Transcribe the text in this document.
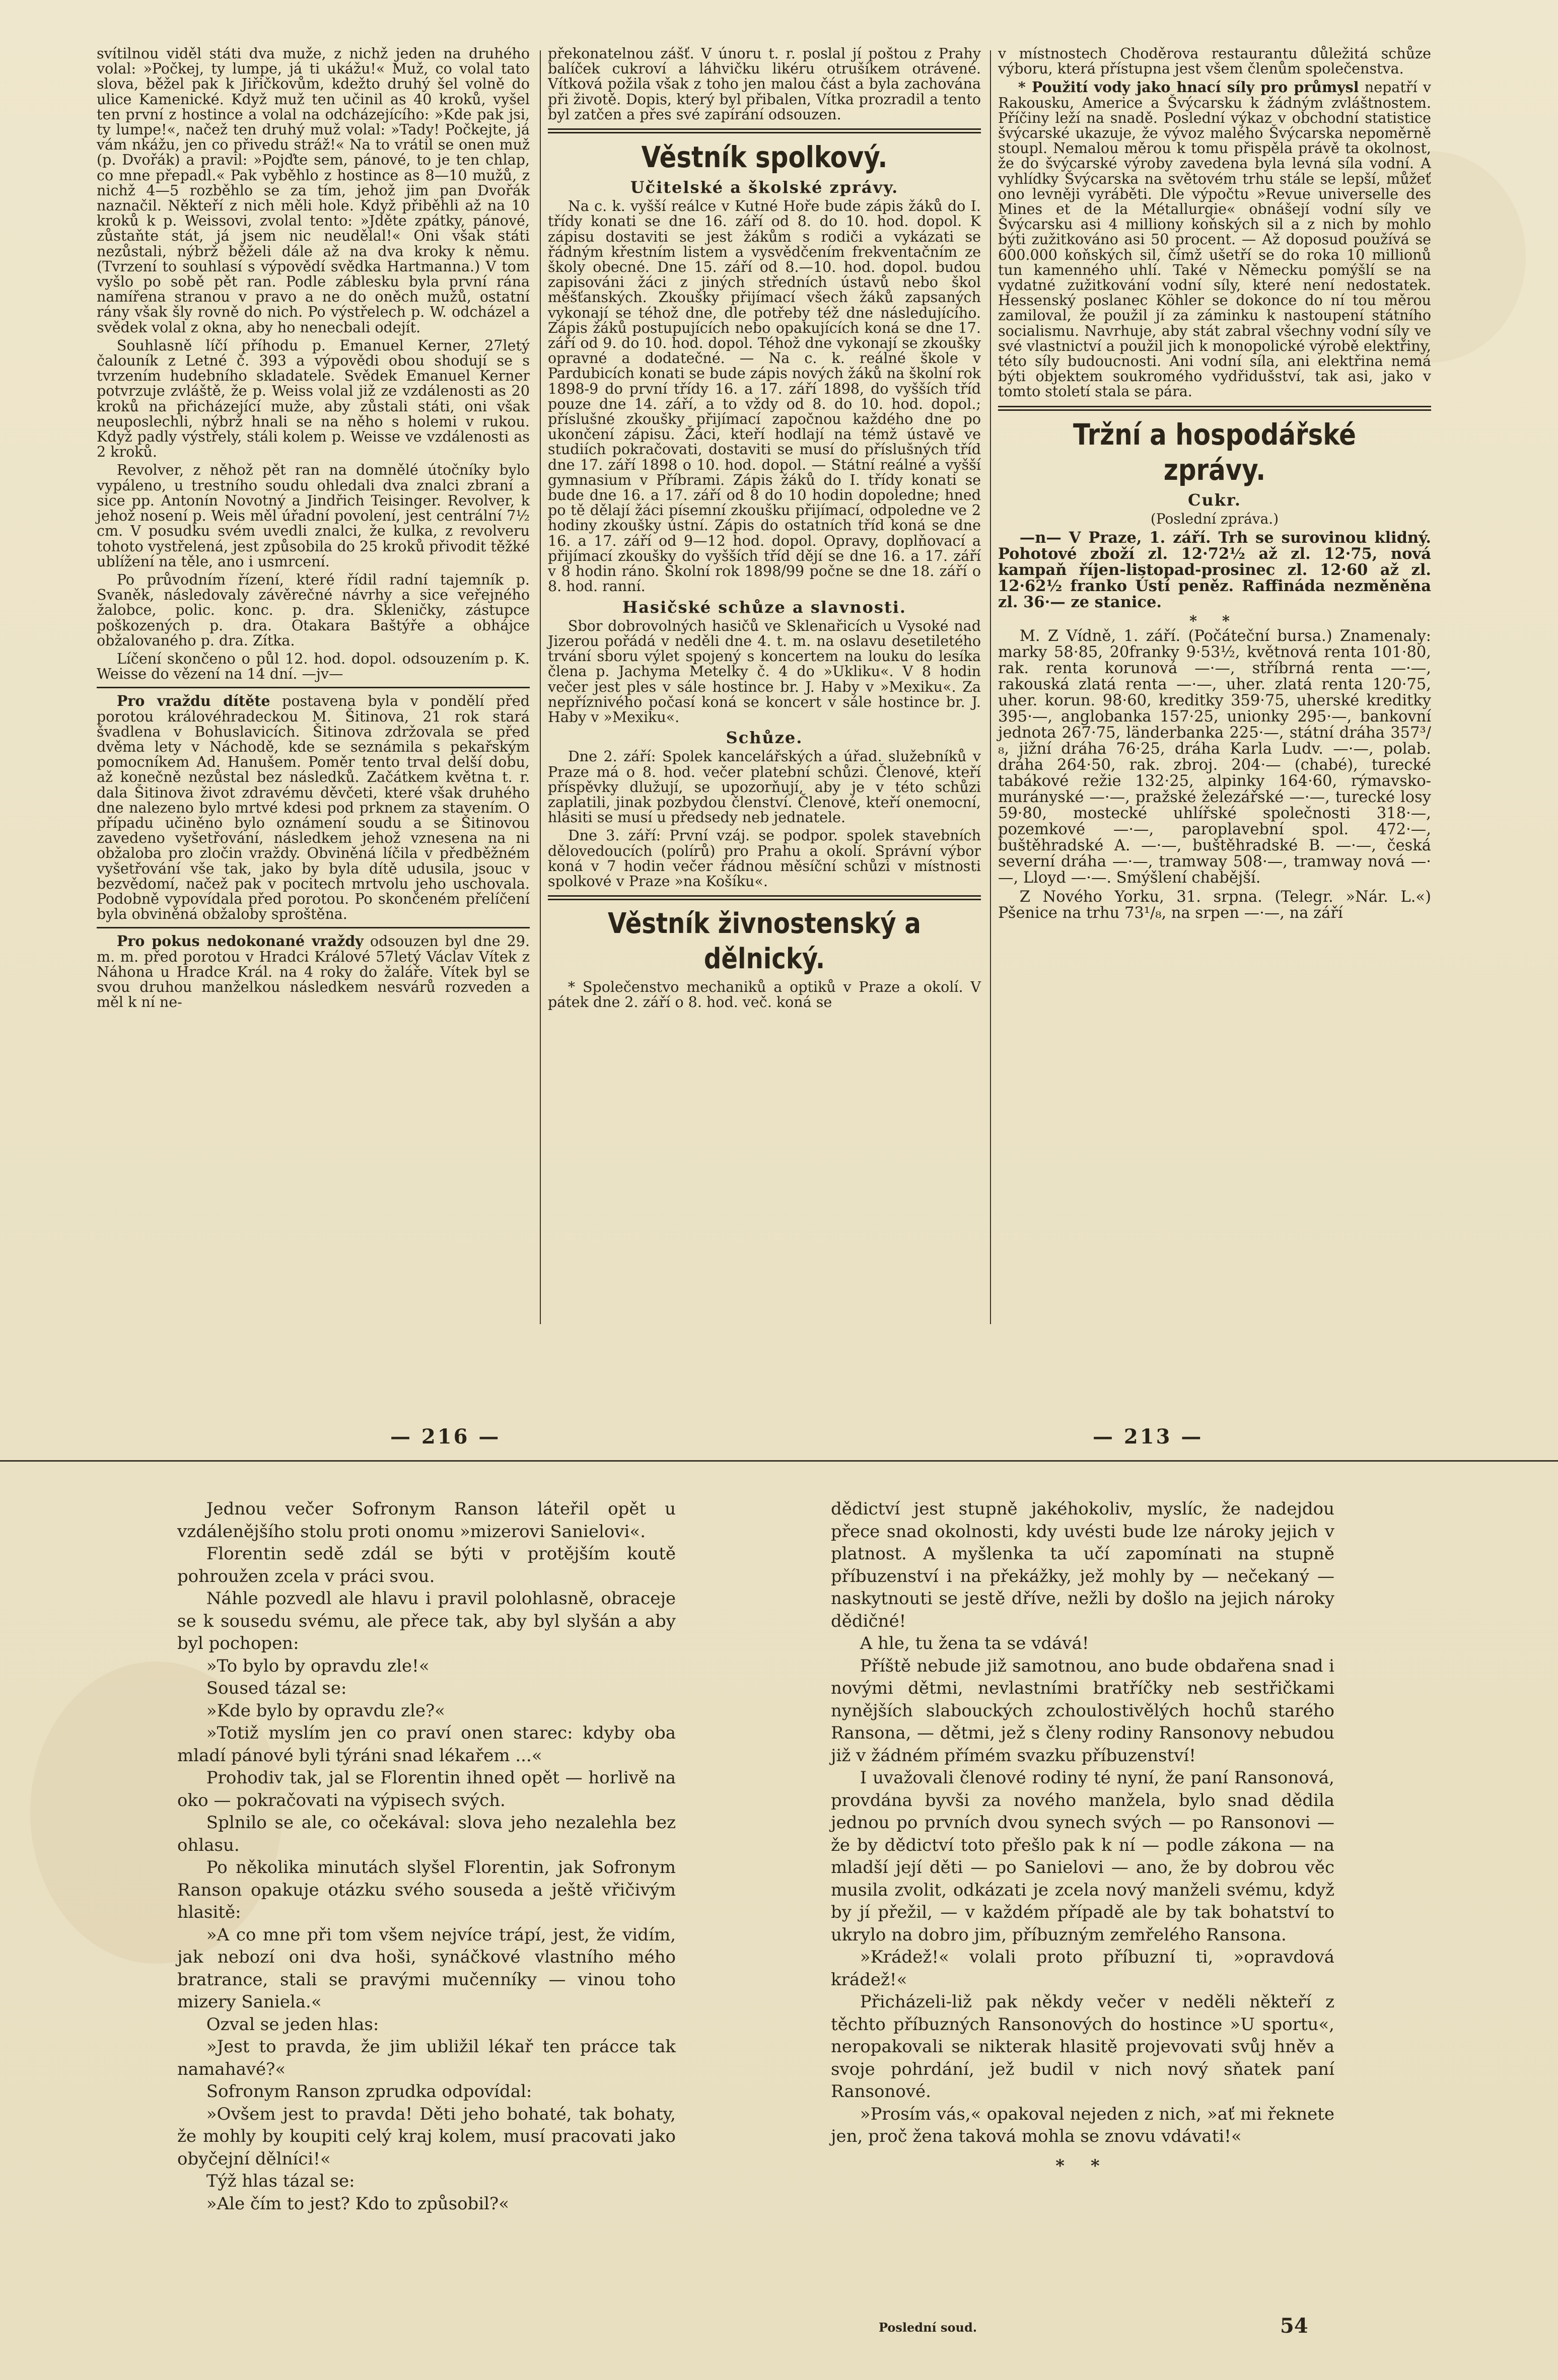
svítilnou viděl státi dva muže, z nichž jeden na druhého volal: »Počkej, ty lumpe, já ti ukážu!« Muž, co volal tato slova, běžel pak k Jiřičkovům, kdežto druhý šel volně do ulice Kamenické. Když muž ten učinil as 40 kroků, vyšel ten první z hostince a volal na odcházejícího: »Kde pak jsi, ty lumpe!«, načež ten druhý muž volal: »Tady! Počkejte, já vám nkážu, jen co přivedu stráž!« Na to vrátil se onen muž (p. Dvořák) a pravil: »Pojďte sem, pánové, to je ten chlap, co mne přepadl.« Pak vyběhlo z hostince as 8—10 mužů, z nichž 4—5 rozběhlo se za tím, jehož jim pan Dvořák naznačil. Někteří z nich měli hole. Když přiběhli až na 10 kroků k p. Weissovi, zvolal tento: »Jděte zpátky, pánové, zůstaňte stát, já jsem nic neudělal!« Oni však státi nezůstali, nýbrž běželi dále až na dva kroky k němu. (Tvrzení to souhlasí s výpovědí svědka Hartmanna.) V tom vyšlo po sobě pět ran. Podle záblesku byla první rána namířena stranou v pravo a ne do oněch mužů, ostatní rány však šly rovně do nich. Po výstřelech p. W. odcházel a svědek volal z okna, aby ho nenecbali odejít.

Souhlasně líčí příhodu p. Emanuel Kerner, 27letý čalouník z Letné č. 393 a výpovědi obou shodují se s tvrzením hudebního skladatele. Svědek Emanuel Kerner potvrzuje zvláště, že p. Weiss volal již ze vzdálenosti as 20 kroků na přicházející muže, aby zůstali státi, oni však neuposlechli, nýbrž hnali se na něho s holemi v rukou. Když padly výstřely, stáli kolem p. Weisse ve vzdálenosti as 2 kroků.

Revolver, z něhož pět ran na domnělé útočníky bylo vypáleno, u trestního soudu ohledali dva znalci zbraní a sice pp. Antonín Novotný a Jindřich Teisinger. Revolver, k jehož nosení p. Weis měl úřadní povolení, jest centrální 7½ cm. V posudku svém uvedli znalci, že kulka, z revolveru tohoto vystřelená, jest způsobila do 25 kroků přivodit těžké ublížení na těle, ano i usmrcení.

Po průvodním řízení, které řídil radní tajemník p. Svaněk, následovaly závěrečné návrhy a sice veřejného žalobce, polic. konc. p. dra. Skleničky, zástupce poškozených p. dra. Otakara Baštýře a obhájce obžalovaného p. dra. Zítka.

Líčení skončeno o půl 12. hod. dopol. odsouzením p. K. Weisse do vězení na 14 dní. —jv—

Pro vraždu dítěte postavena byla v pondělí před porotou královéhradeckou M. Šitinova, 21 rok stará švadlena v Bohuslavicích. Šitinova zdržovala se před dvěma lety v Náchodě, kde se seznámila s pekařským pomocníkem Ad. Hanušem. Poměr tento trval delší dobu, až konečně nezůstal bez následků. Začátkem května t. r. dala Šitinova život zdravému děvčeti, které však druhého dne nalezeno bylo mrtvé kdesi pod prknem za stavením. O případu učiněno bylo oznámení soudu a se Šitinovou zavedeno vyšetřování, následkem jehož vznesena na ni obžaloba pro zločin vraždy. Obviněná líčila v předběžném vyšetřování vše tak, jako by byla dítě udusila, jsouc v bezvědomí, načež pak v pocitech mrtvolu jeho uschovala. Podobně vypovídala před porotou. Po skončeném přelíčení byla obviněná obžaloby sproštěna.

Pro pokus nedokonané vraždy odsouzen byl dne 29. m. m. před porotou v Hradci Králové 57letý Václav Vítek z Náhona u Hradce Král. na 4 roky do žaláře. Vítek byl se svou druhou manželkou následkem nesvárů rozveden a měl k ní ne-

překonatelnou zášť. V únoru t. r. poslal jí poštou z Prahy balíček cukroví a láhvičku likéru otrušíkem otrávené. Vítková požila však z toho jen malou část a byla zachována při životě. Dopis, který byl přibalen, Vítka prozradil a tento byl zatčen a přes své zapírání odsouzen.

Věstník spolkový.
Učitelské a školské zprávy.

Na c. k. vyšší reálce v Kutné Hoře bude zápis žáků do I. třídy konati se dne 16. září od 8. do 10. hod. dopol. K zápisu dostaviti se jest žákům s rodiči a vykázati se řádným křestním listem a vysvědčením frekventačním ze školy obecné. Dne 15. září od 8.—10. hod. dopol. budou zapisováni žáci z jiných středních ústavů nebo škol měšťanských. Zkoušky přijímací všech žáků zapsaných vykonají se téhož dne, dle potřeby též dne následujícího. Zápis žáků postupujících nebo opakujících koná se dne 17. září od 9. do 10. hod. dopol. Téhož dne vykonají se zkoušky opravné a dodatečné. — Na c. k. reálné škole v Pardubicích konati se bude zápis nových žáků na školní rok 1898-9 do první třídy 16. a 17. září 1898, do vyšších tříd pouze dne 14. září, a to vždy od 8. do 10. hod. dopol.; příslušné zkoušky přijímací započnou každého dne po ukončení zápisu. Žáci, kteří hodlají na témž ústavě ve studiích pokračovati, dostaviti se musí do příslušných tříd dne 17. září 1898 o 10. hod. dopol. — Státní reálné a vyšší gymnasium v Příbrami. Zápis žáků do I. třídy konati se bude dne 16. a 17. září od 8 do 10 hodin dopoledne; hned po tě dělají žáci písemní zkoušku přijímací, odpoledne ve 2 hodiny zkoušky ústní. Zápis do ostatních tříd koná se dne 16. a 17. září od 9—12 hod. dopol. Opravy, doplňovací a přijímací zkoušky do vyšších tříd dějí se dne 16. a 17. září v 8 hodin ráno. Školní rok 1898/99 počne se dne 18. září o 8. hod. ranní.

Hasičské schůze a slavnosti.

Sbor dobrovolných hasičů ve Sklenařicích u Vysoké nad Jizerou pořádá v neděli dne 4. t. m. na oslavu desetiletého trvání sboru výlet spojený s koncertem na louku do lesíka člena p. Jachyma Metelky č. 4 do »Ukliku«. V 8 hodin večer jest ples v sále hostince br. J. Haby v »Mexiku«. Za nepříznivého počasí koná se koncert v sále hostince br. J. Haby v »Mexiku«.

Schůze.

Dne 2. září: Spolek kancelářských a úřad. služebníků v Praze má o 8. hod. večer platební schůzi. Členové, kteří příspěvky dlužují, se upozorňují, aby je v této schůzi zaplatili, jinak pozbydou členství. Členové, kteří onemocní, hlásiti se musí u předsedy neb jednatele.

Dne 3. září: První vzáj. se podpor. spolek stavebních dělovedoucích (polírů) pro Prahu a okolí. Správní výbor koná v 7 hodin večer řádnou měsíční schůzi v místnosti spolkové v Praze »na Košíku«.

Věstník živnostenský a dělnický.

* Společenstvo mechaniků a optiků v Praze a okolí. V pátek dne 2. září o 8. hod. več. koná se

v místnostech Choděrova restaurantu důležitá schůze výboru, která přístupna jest všem členům společenstva.

* Použití vody jako hnací síly pro průmysl nepatří v Rakousku, Americe a Švýcarsku k žádným zvláštnostem. Příčiny leží na snadě. Poslední výkaz v obchodní statistice švýcarské ukazuje, že vývoz malého Švýcarska nepoměrně stoupl. Nemalou měrou k tomu přispěla právě ta okolnost, že do švýcarské výroby zavedena byla levná síla vodní. A vyhlídky Švýcarska na světovém trhu stále se lepší, můžeť ono levněji vyráběti. Dle výpočtu »Revue universelle des Mines et de la Métallurgie« obnášejí vodní síly ve Švýcarsku asi 4 milliony koňských sil a z nich by mohlo býti zužitkováno asi 50 procent. — Až doposud používá se 600.000 koňských sil, čímž ušetří se do roka 10 millionů tun kamenného uhlí. Také v Německu pomýšlí se na vydatné zužitkování vodní síly, které není nedostatek. Hessenský poslanec Köhler se dokonce do ní tou měrou zamiloval, že použil jí za záminku k nastoupení státního socialismu. Navrhuje, aby stát zabral všechny vodní síly ve své vlastnictví a použil jich k monopolické výrobě elektřiny, této síly budoucnosti. Ani vodní síla, ani elektřina nemá býti objektem soukromého vydřidušství, tak asi, jako v tomto století stala se pára.

Tržní a hospodářské zprávy.
Cukr.
(Poslední zpráva.)

—n— V Praze, 1. září. Trh se surovinou klidný. Pohotové zboží zl. 12·72½ až zl. 12·75, nová kampaň říjen-listopad-prosinec zl. 12·60 až zl. 12·62½ franko Ústí peněz. Raffináda nezměněna zl. 36·— ze stanice.

* *

M. Z Vídně, 1. září. (Počáteční bursa.) Znamenaly: marky 58·85, 20franky 9·53½, květnová renta 101·80, rak. renta korunová —·—, stříbrná renta —·—, rakouská zlatá renta —·—, uher. zlatá renta 120·75, uher. korun. 98·60, kreditky 359·75, uherské kreditky 395·—, anglobanka 157·25, unionky 295·—, bankovní jednota 267·75, länderbanka 225·—, státní dráha 357³/₈, jižní dráha 76·25, dráha Karla Ludv. —·—, polab. dráha 264·50, rak. zbroj. 204·— (chabé), turecké tabákové režie 132·25, alpinky 164·60, rýmavsko-murányské —·—, pražské železářské —·—, turecké losy 59·80, mostecké uhlířské společnosti 318·—, pozemkové —·—, paroplavební spol. 472·—, buštěhradské A. —·—, buštěhradské B. —·—, česká severní dráha —·—, tramway 508·—, tramway nová —·—, Lloyd —·—. Smýšlení chabější.

Z Nového Yorku, 31. srpna. (Telegr. »Nár. L.«) Pšenice na trhu 73¹/₈, na srpen —·—, na září

— 216 —	— 213 —

Jednou večer Sofronym Ranson láteřil opět u vzdálenějšího stolu proti onomu »mizerovi Sanielovi«.

Florentin sedě zdál se býti v protějším koutě pohroužen zcela v práci svou.

Náhle pozvedl ale hlavu i pravil polohlasně, obraceje se k sousedu svému, ale přece tak, aby byl slyšán a aby byl pochopen:

»To bylo by opravdu zle!«

Soused tázal se:

»Kde bylo by opravdu zle?«

»Totiž myslím jen co praví onen starec: kdyby oba mladí pánové byli týráni snad lékařem ...«

Prohodiv tak, jal se Florentin ihned opět — horlivě na oko — pokračovati na výpisech svých.

Splnilo se ale, co očekával: slova jeho nezalehla bez ohlasu.

Po několika minutách slyšel Florentin, jak Sofronym Ranson opakuje otázku svého souseda a ještě vřičivým hlasitě:

»A co mne při tom všem nejvíce trápí, jest, že vidím, jak nebozí oni dva hoši, synáčkové vlastního mého bratrance, stali se pravými mučenníky — vinou toho mizery Saniela.«

Ozval se jeden hlas:

»Jest to pravda, že jim ubližil lékař ten prácce tak namahavé?«

Sofronym Ranson zprudka odpovídal:

»Ovšem jest to pravda! Děti jeho bohaté, tak bohaty, že mohly by koupiti celý kraj kolem, musí pracovati jako obyčejní dělníci!«

Týž hlas tázal se:

»Ale čím to jest? Kdo to způsobil?«

dědictví jest stupně jakéhokoliv, myslíc, že nadejdou přece snad okolnosti, kdy uvésti bude lze nároky jejich v platnost. A myšlenka ta učí zapomínati na stupně příbuzenství i na překážky, jež mohly by — nečekaný — naskytnouti se jestě dříve, nežli by došlo na jejich nároky dědičné!

A hle, tu žena ta se vdává!

Příště nebude již samotnou, ano bude obdařena snad i novými dětmi, nevlastními bratříčky neb sestřičkami nynějších slabouckých zchoulostivělých hochů starého Ransona, — dětmi, jež s členy rodiny Ransonovy nebudou již v žádném přímém svazku příbuzenství!

I uvažovali členové rodiny té nyní, že paní Ransonová, provdána byvši za nového manžela, bylo snad dědila jednou po prvních dvou synech svých — po Ransonovi — že by dědictví toto přešlo pak k ní — podle zákona — na mladší její děti — po Sanielovi — ano, že by dobrou věc musila zvolit, odkázati je zcela nový manželi svému, když by jí přežil, — v každém případě ale by tak bohatství to ukrylo na dobro jim, příbuzným zemřelého Ransona.

»Krádež!« volali proto příbuzní ti, »opravdová krádež!«

Přicházeli-liž pak někdy večer v neděli někteří z těchto příbuzných Ransonových do hostince »U sportu«, neropakovali se nikterak hlasitě projevovati svůj hněv a svoje pohrdání, jež budil v nich nový sňatek paní Ransonové.

»Prosím vás,« opakoval nejeden z nich, »ať mi řeknete jen, proč žena taková mohla se znovu vdávati!«

* *
Poslední soud.	54
